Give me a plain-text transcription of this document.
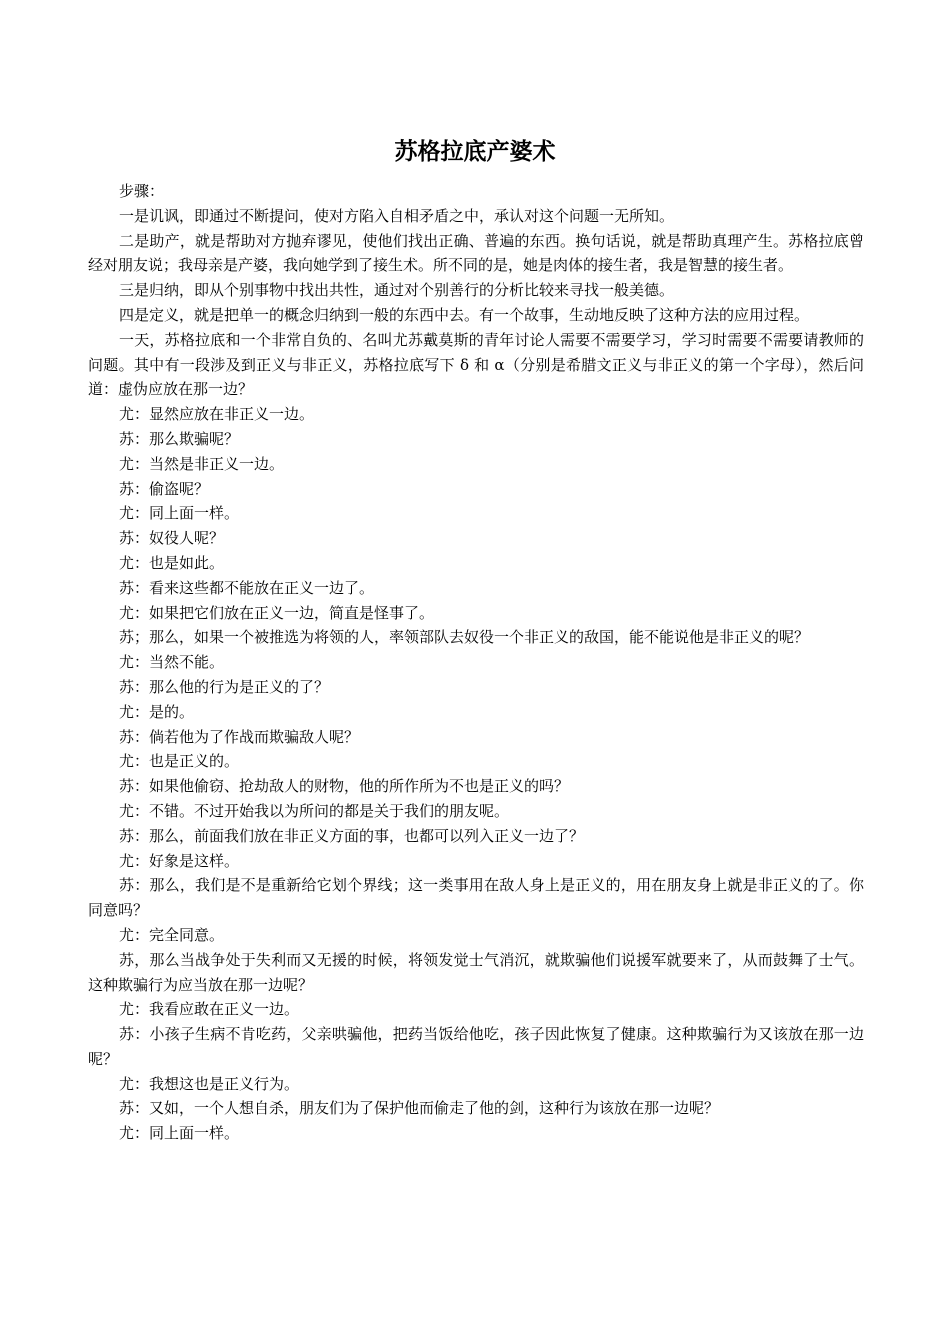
苏格拉底产婆术

步骤：

一是讥讽，即通过不断提问，使对方陷入自相矛盾之中，承认对这个问题一无所知。

二是助产，就是帮助对方抛弃谬见，使他们找出正确、普遍的东西。换句话说，就是帮助真理产生。苏格拉底曾经对朋友说；我母亲是产婆，我向她学到了接生术。所不同的是，她是肉体的接生者，我是智慧的接生者。

三是归纳，即从个别事物中找出共性，通过对个别善行的分析比较来寻找一般美德。

四是定义，就是把单一的概念归纳到一般的东西中去。有一个故事，生动地反映了这种方法的应用过程。

一天，苏格拉底和一个非常自负的、名叫尤苏戴莫斯的青年讨论人需要不需要学习，学习时需要不需要请教师的问题。其中有一段涉及到正义与非正义，苏格拉底写下 δ 和 α（分别是希腊文正义与非正义的第一个字母），然后问道：虚伪应放在那一边？

尤：显然应放在非正义一边。

苏：那么欺骗呢？

尤：当然是非正义一边。

苏：偷盗呢？

尤：同上面一样。

苏：奴役人呢？

尤：也是如此。

苏：看来这些都不能放在正义一边了。

尤：如果把它们放在正义一边，简直是怪事了。

苏；那么，如果一个被推选为将领的人，率领部队去奴役一个非正义的敌国，能不能说他是非正义的呢？

尤：当然不能。

苏：那么他的行为是正义的了？

尤：是的。

苏：倘若他为了作战而欺骗敌人呢？

尤：也是正义的。

苏：如果他偷窃、抢劫敌人的财物，他的所作所为不也是正义的吗？

尤：不错。不过开始我以为所问的都是关于我们的朋友呢。

苏：那么，前面我们放在非正义方面的事，也都可以列入正义一边了？

尤：好象是这样。

苏：那么，我们是不是重新给它划个界线；这一类事用在敌人身上是正义的，用在朋友身上就是非正义的了。你同意吗？

尤：完全同意。

苏，那么当战争处于失利而又无援的时候，将领发觉士气消沉，就欺骗他们说援军就要来了，从而鼓舞了士气。这种欺骗行为应当放在那一边呢？

尤：我看应敢在正义一边。

苏：小孩子生病不肯吃药，父亲哄骗他，把药当饭给他吃，孩子因此恢复了健康。这种欺骗行为又该放在那一边呢？

尤：我想这也是正义行为。

苏：又如，一个人想自杀，朋友们为了保护他而偷走了他的剑，这种行为该放在那一边呢？

尤：同上面一样。
